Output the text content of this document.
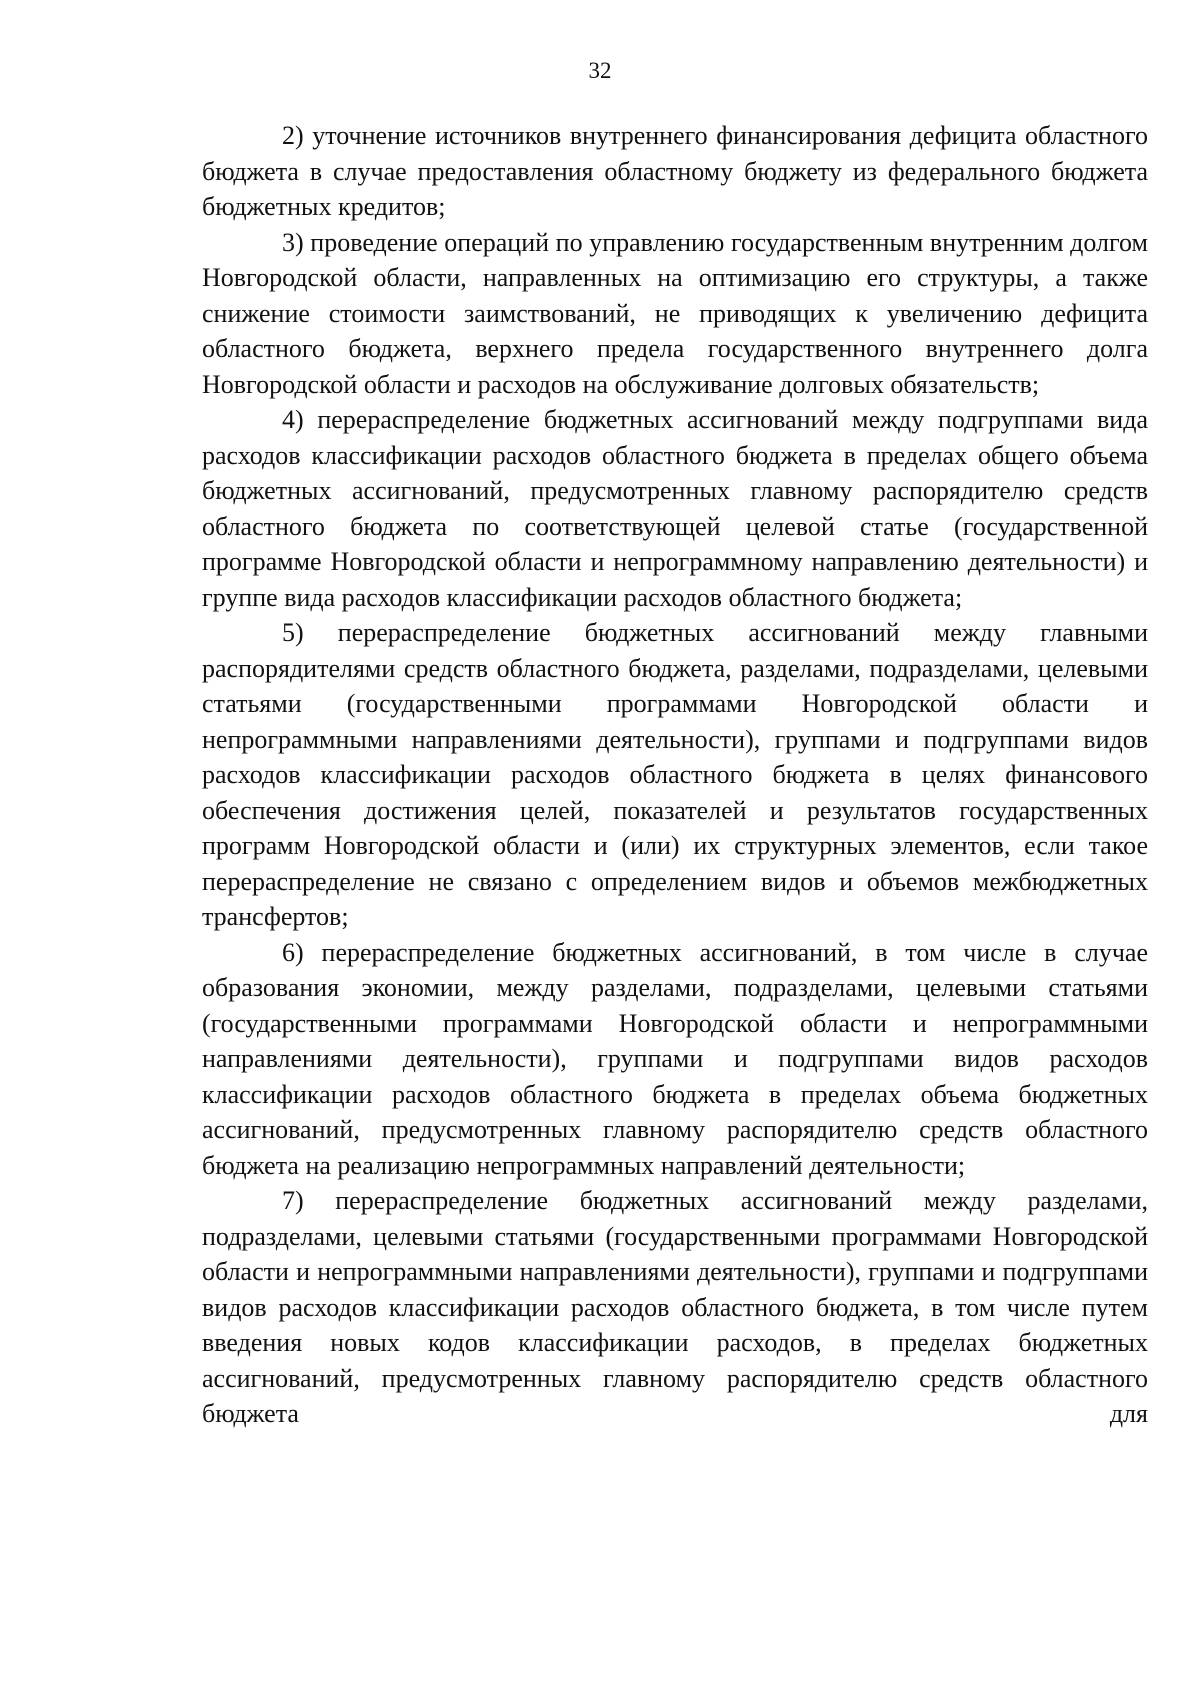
32

2) уточнение источников внутреннего финансирования дефицита областного бюджета в случае предоставления областному бюджету из федерального бюджета бюджетных кредитов;

3) проведение операций по управлению государственным внутренним долгом Новгородской области, направленных на оптимизацию его структуры, а также снижение стоимости заимствований, не приводящих к увеличению дефицита областного бюджета, верхнего предела государственного внутреннего долга Новгородской области и расходов на обслуживание долговых обязательств;

4) перераспределение бюджетных ассигнований между подгруппами вида расходов классификации расходов областного бюджета в пределах общего объема бюджетных ассигнований, предусмотренных главному распорядителю средств областного бюджета по соответствующей целевой статье (государственной программе Новгородской области и непрограммному направлению деятельности) и группе вида расходов классификации расходов областного бюджета;

5) перераспределение бюджетных ассигнований между главными распорядителями средств областного бюджета, разделами, подразделами, целевыми статьями (государственными программами Новгородской области и непрограммными направлениями деятельности), группами и подгруппами видов расходов классификации расходов областного бюджета в целях финансового обеспечения достижения целей, показателей и результатов государственных программ Новгородской области и (или) их структурных элементов, если такое перераспределение не связано с определением видов и объемов межбюджетных трансфертов;

6) перераспределение бюджетных ассигнований, в том числе в случае образования экономии, между разделами, подразделами, целевыми статьями (государственными программами Новгородской области и непрограммными направлениями деятельности), группами и подгруппами видов расходов классификации расходов областного бюджета в пределах объема бюджетных ассигнований, предусмотренных главному распорядителю средств областного бюджета на реализацию непрограммных направлений деятельности;

7) перераспределение бюджетных ассигнований между разделами, подразделами, целевыми статьями (государственными программами Новгородской области и непрограммными направлениями деятельности), группами и подгруппами видов расходов классификации расходов областного бюджета, в том числе путем введения новых кодов классификации расходов, в пределах бюджетных ассигнований, предусмотренных главному распорядителю средств областного бюджета для
